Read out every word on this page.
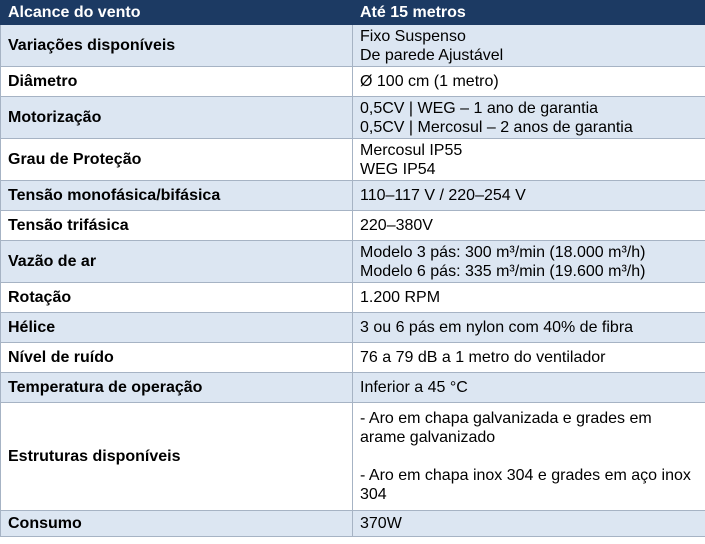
Alcance do vento	Até 15 metros
Variações disponíveis	Fixo Suspenso
De parede Ajustável

Diâmetro	Ø 100 cm (1 metro)
Motorização	0,5CV | WEG – 1 ano de garantia
0,5CV | Mercosul – 2 anos de garantia

Grau de Proteção	Mercosul IP55
WEG IP54

Tensão monofásica/bifásica	110–117 V / 220–254 V
Tensão trifásica	220–380V
Vazão de ar	Modelo 3 pás: 300 m³/min (18.000 m³/h)
Modelo 6 pás: 335 m³/min (19.600 m³/h)

Rotação	1.200 RPM
Hélice	3 ou 6 pás em nylon com 40% de fibra
Nível de ruído	76 a 79 dB a 1 metro do ventilador
Temperatura de operação	Inferior a 45 °C
Estruturas disponíveis	- Aro em chapa galvanizada e grades em arame galvanizado
- Aro em chapa inox 304 e grades em aço inox 304

Consumo	370W
